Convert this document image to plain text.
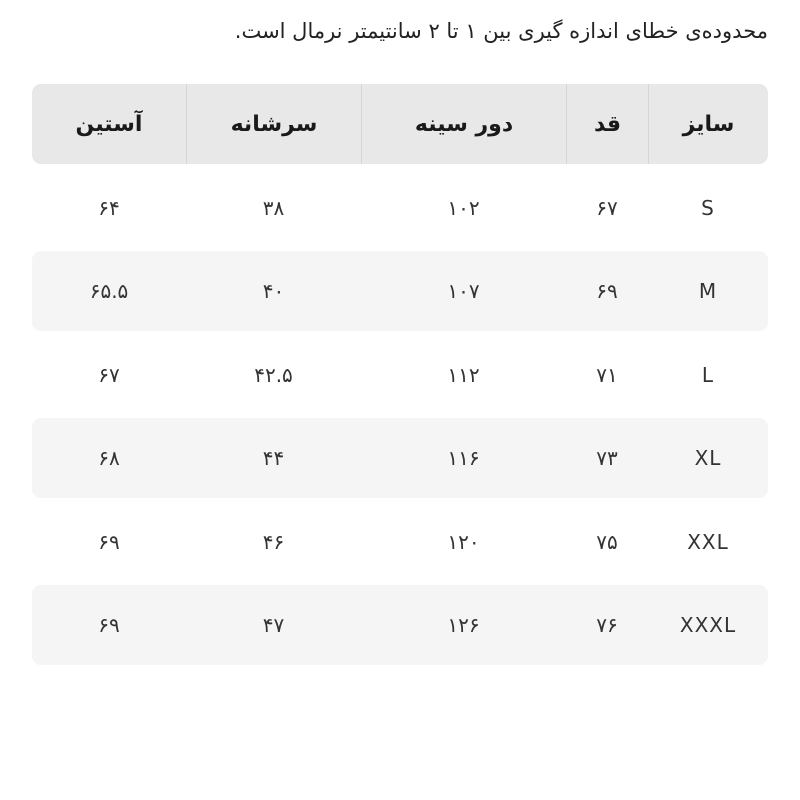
محدوده‌ی خطای اندازه گیری بین ۱ تا ۲ سانتیمتر نرمال است.
سایز
قد
دور سینه
سرشانه
آستین
S
۶۷
۱۰۲
۳۸
۶۴
M
۶۹
۱۰۷
۴۰
۶۵.۵
L
۷۱
۱۱۲
۴۲.۵
۶۷
XL
۷۳
۱۱۶
۴۴
۶۸
XXL
۷۵
۱۲۰
۴۶
۶۹
XXXL
۷۶
۱۲۶
۴۷
۶۹
